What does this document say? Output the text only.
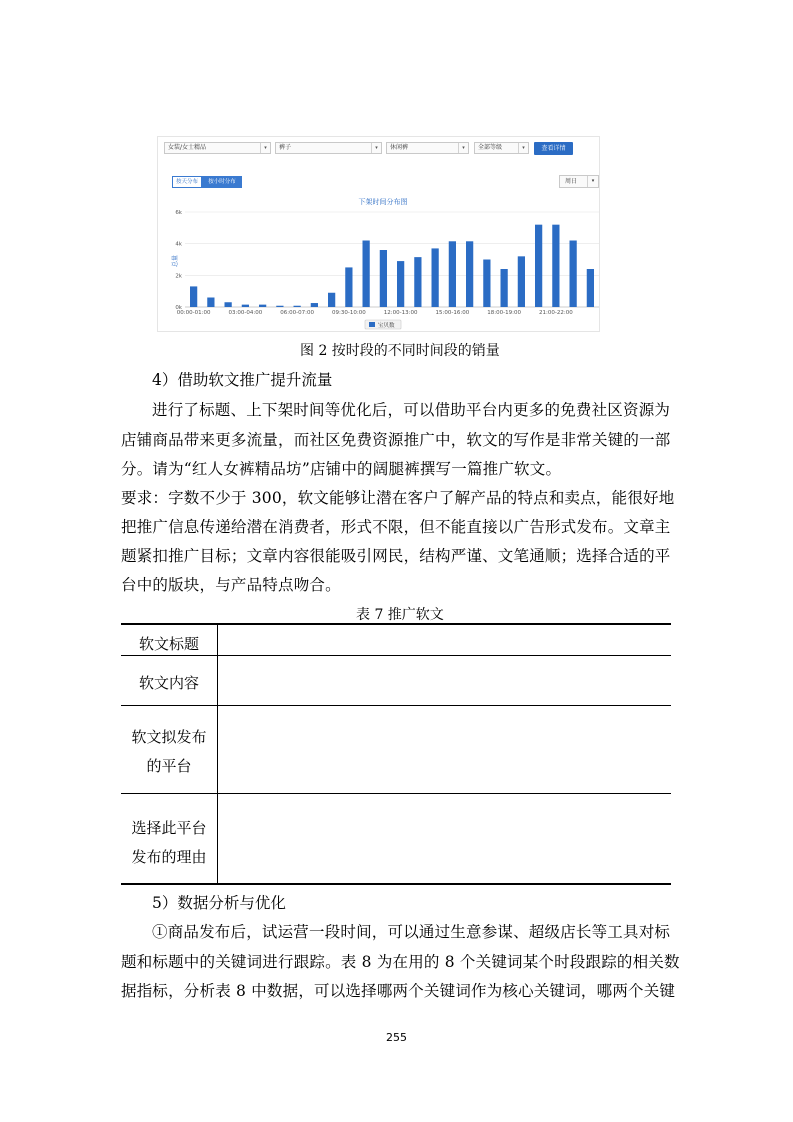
女装/女士精品	▾	裤子	▾	休闲裤	▾	全部等级	▾	查看详情
按天分布	按小时分布	周日	▾
下架时间分布图
总量
6k
4k
2k
0k
00:00-01:00	03:00-04:00	06:00-07:00	09:30-10:00	12:00-13:00	15:00-16:00	18:00-19:00	21:00-22:00
宝贝数
图 2 按时段的不同时间段的销量
4）借助软文推广提升流量
进行了标题、上下架时间等优化后，可以借助平台内更多的免费社区资源为
店铺商品带来更多流量，而社区免费资源推广中，软文的写作是非常关键的一部
分。请为“红人女裤精品坊”店铺中的阔腿裤撰写一篇推广软文。
要求：字数不少于 300，软文能够让潜在客户了解产品的特点和卖点，能很好地
把推广信息传递给潜在消费者，形式不限，但不能直接以广告形式发布。文章主
题紧扣推广目标；文章内容很能吸引网民，结构严谨、文笔通顺；选择合适的平
台中的版块，与产品特点吻合。
表 7 推广软文
软文标题
软文内容
软文拟发布
的平台
选择此平台
发布的理由
5）数据分析与优化
①商品发布后，试运营一段时间，可以通过生意参谋、超级店长等工具对标
题和标题中的关键词进行跟踪。表 8 为在用的 8 个关键词某个时段跟踪的相关数
据指标，分析表 8 中数据，可以选择哪两个关键词作为核心关键词，哪两个关键
255
